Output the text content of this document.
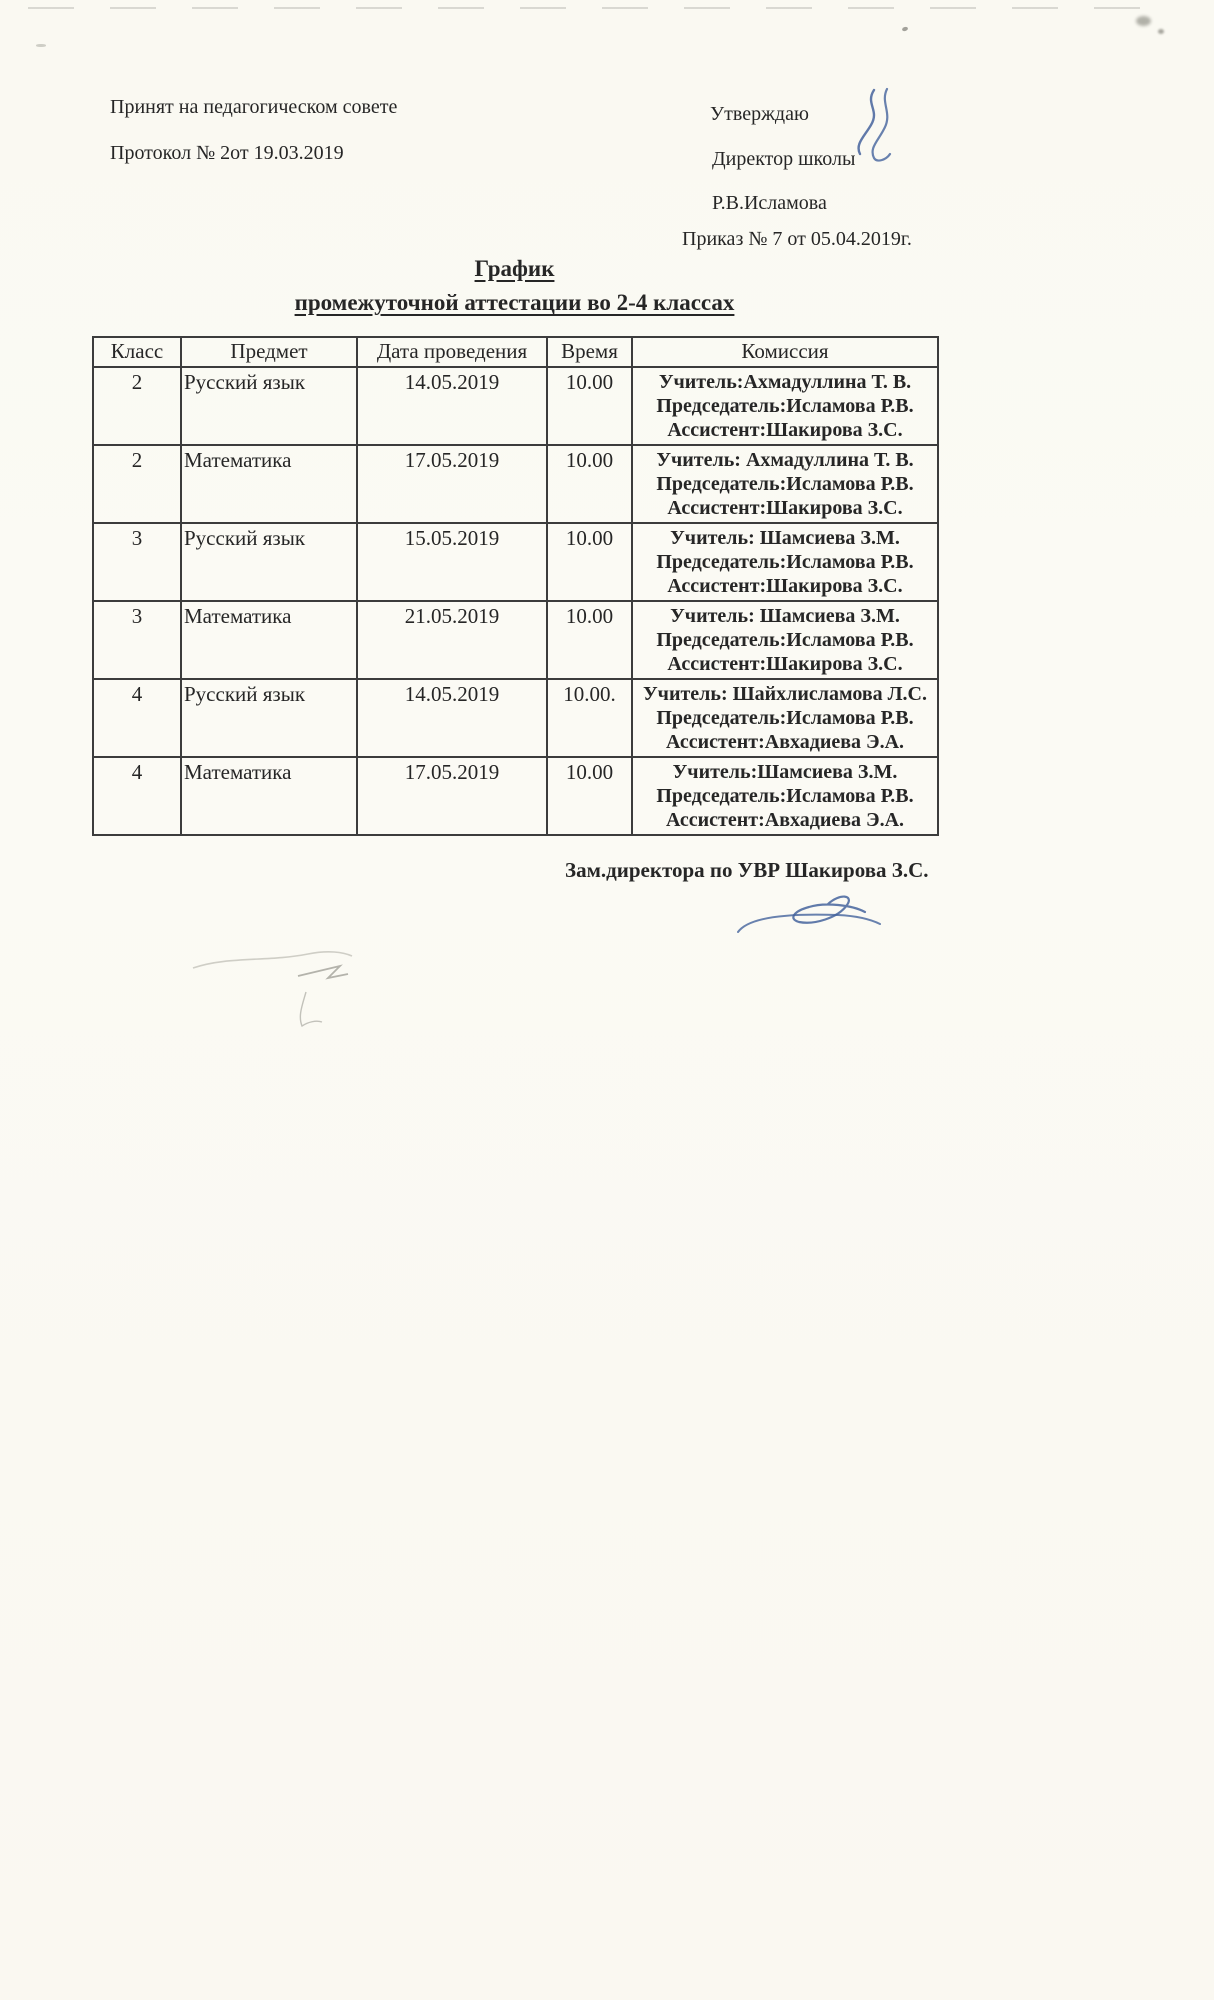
Принят на педагогическом совете
Протокол № 2от 19.03.2019
Утверждаю
Директор школы
Р.В.Исламова
Приказ № 7 от 05.04.2019г.
График
промежуточной аттестации во 2-4 классах
Класс	Предмет	Дата проведения	Время	Комиссия
2	Русский язык	14.05.2019	10.00	Учитель:Ахмадуллина Т. В.
Председатель:Исламова Р.В.
Ассистент:Шакирова З.С.

2	Математика	17.05.2019	10.00	Учитель: Ахмадуллина Т. В.
Председатель:Исламова Р.В.
Ассистент:Шакирова З.С.

3	Русский язык	15.05.2019	10.00	Учитель: Шамсиева З.М.
Председатель:Исламова Р.В.
Ассистент:Шакирова З.С.

3	Математика	21.05.2019	10.00	Учитель: Шамсиева З.М.
Председатель:Исламова Р.В.
Ассистент:Шакирова З.С.

4	Русский язык	14.05.2019	10.00.	Учитель: Шайхлисламова Л.С.
Председатель:Исламова Р.В.
Ассистент:Авхадиева Э.А.

4	Математика	17.05.2019	10.00	Учитель:Шамсиева З.М.
Председатель:Исламова Р.В.
Ассистент:Авхадиева Э.А.
Зам.директора по УВР Шакирова З.С.
